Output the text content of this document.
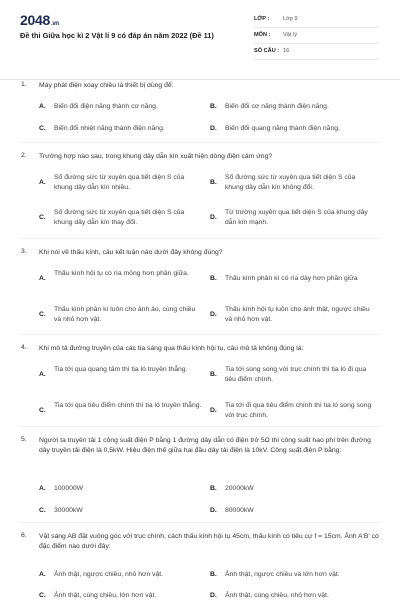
2048.vn
Đề thi Giữa học kì 2 Vật lí 9 có đáp án năm 2022 (Đề 11)
LỚP : Lớp 9
MÔN : Vật lý
SỐ CÂU : 16
1. Máy phát điện xoay chiều là thiết bị dùng để:
A. Biến đổi điện năng thành cơ năng.	B. Biến đổi cơ năng thành điện năng.
C. Biến đổi nhiệt năng thành điện năng.	D. Biến đổi quang năng thành điện năng.
2. Trường hợp nào sau, trong khung dây dẫn kín xuất hiện dòng điện cảm ứng?
A.
Số đường sức từ xuyên qua tiết diện S của khung dây dẫn kín nhiều.
B.
Số đường sức từ xuyên qua tiết diện S của khung dây dẫn kín không đổi.
C.
Số đường sức từ xuyên qua tiết diện S của khung dây dẫn kín thay đổi.
D.
Từ trường xuyên qua tiết diện S của khung dây dẫn kín mạnh.
3. Khi nói về thấu kính, câu kết luận nào dưới đây không đúng?
A.
Thấu kính hội tụ có rìa mỏng hơn phần giữa.
B. Thấu kính phân kì có rìa dày hơn phần giữa
C.
Thấu kính phân kì luôn cho ảnh ảo, cùng chiều và nhỏ hơn vật.
D.
Thấu kính hội tụ luôn cho ảnh thật, ngược chiều và nhỏ hơn vật.
4. Khi mô tả đường truyền của các tia sáng qua thấu kính hội tụ, câu mô tả không đúng là:
A.
Tia tới qua quang tâm thì tia ló truyền thẳng.
B.
Tia tới song song với trục chính thì tia ló đi qua tiêu điểm chính.
C.
Tia tới qua tiêu điểm chính thì tia ló truyền thẳng.
D.
Tia tới đi qua tiêu điểm chính thì tia ló song song với trục chính.
5. Người ta truyền tải 1 công suất điện P bằng 1 đường dây dẫn có điện trở 5Ω thì công suất hao phí trên đường dây truyền tải điện là 0,5kW. Hiệu điện thế giữa hai đầu dây tải điện là 10kV. Công suất điện P bằng:
A. 100000W	B. 20000kW
C. 30000kW	D. 80000kW
6. Vật sáng AB đặt vuông góc với trục chính, cách thấu kính hội tụ 45cm, thấu kính có tiêu cự f = 15cm. Ảnh A'B' có đặc điểm nào dưới đây:
A. Ảnh thật, ngược chiều, nhỏ hơn vật.	B. Ảnh thật, ngược chiều và lớn hơn vật.
C. Ảnh thật, cùng chiều, lớn hơn vật.	D. Ảnh thật, cùng chiều, nhỏ hơn vật.
